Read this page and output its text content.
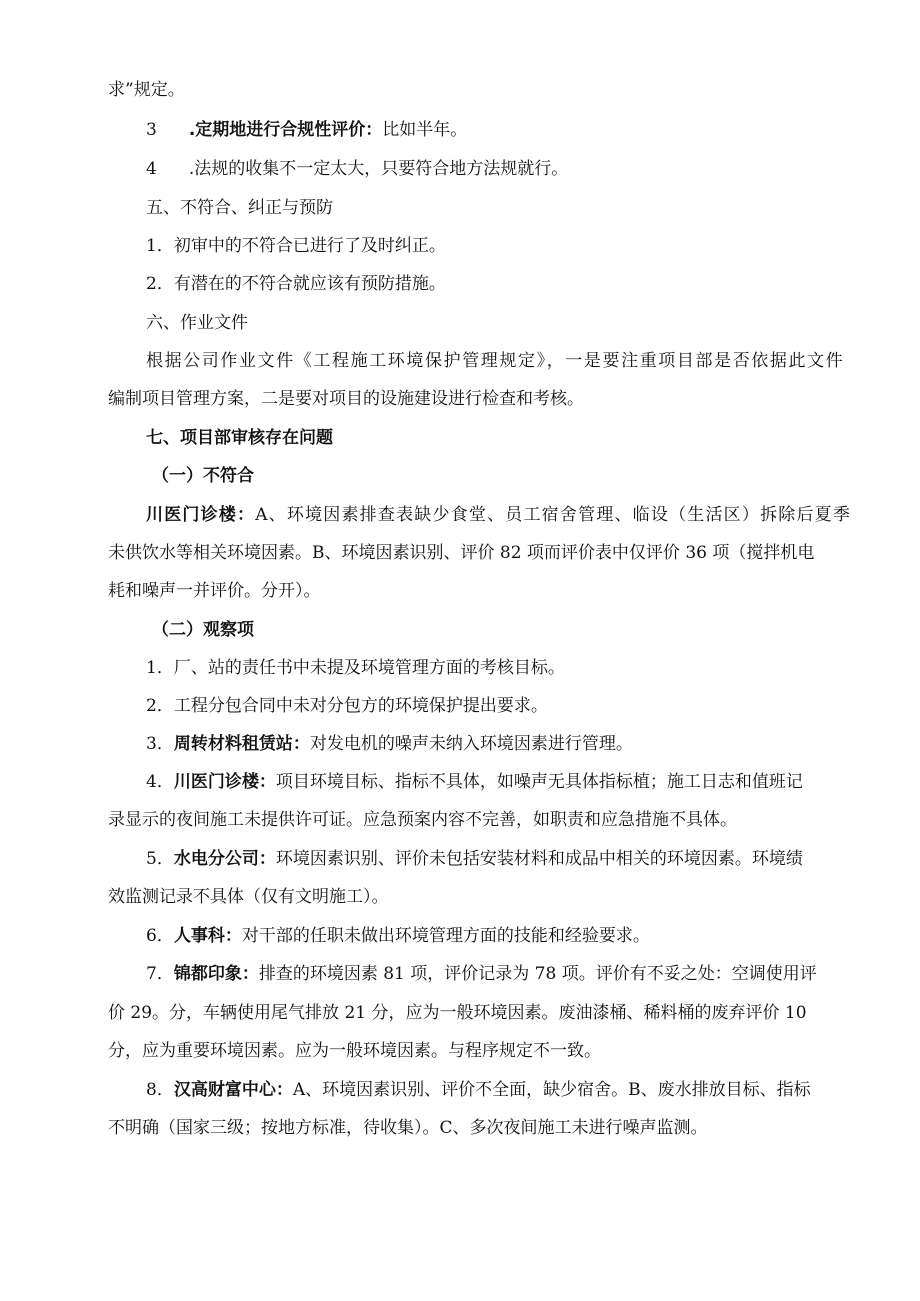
求”规定。
3 .定期地进行合规性评价：比如半年。
4 .法规的收集不一定太大，只要符合地方法规就行。
五、不符合、纠正与预防
1．初审中的不符合已进行了及时纠正。
2．有潜在的不符合就应该有预防措施。
六、作业文件
根据公司作业文件《工程施工环境保护管理规定》，一是要注重项目部是否依据此文件
编制项目管理方案，二是要对项目的设施建设进行检查和考核。
七、项目部审核存在问题
（一）不符合
川医门诊楼：A、环境因素排查表缺少食堂、员工宿舍管理、临设（生活区）拆除后夏季
未供饮水等相关环境因素。B、环境因素识别、评价 82 项而评价表中仅评价 36 项（搅拌机电
耗和噪声一并评价。分开）。
（二）观察项
1．厂、站的责任书中未提及环境管理方面的考核目标。
2．工程分包合同中未对分包方的环境保护提出要求。
3．周转材料租赁站：对发电机的噪声未纳入环境因素进行管理。
4．川医门诊楼：项目环境目标、指标不具体，如噪声无具体指标植；施工日志和值班记
录显示的夜间施工未提供许可证。应急预案内容不完善，如职责和应急措施不具体。
5．水电分公司：环境因素识别、评价未包括安装材料和成品中相关的环境因素。环境绩
效监测记录不具体（仅有文明施工）。
6．人事科：对干部的任职未做出环境管理方面的技能和经验要求。
7．锦都印象：排查的环境因素 81 项，评价记录为 78 项。评价有不妥之处：空调使用评
价 29。分，车辆使用尾气排放 21 分，应为一般环境因素。废油漆桶、稀料桶的废弃评价 10
分，应为重要环境因素。应为一般环境因素。与程序规定不一致。
8．汉高财富中心：A、环境因素识别、评价不全面，缺少宿舍。B、废水排放目标、指标
不明确（国家三级；按地方标准，待收集）。C、多次夜间施工未进行噪声监测。
